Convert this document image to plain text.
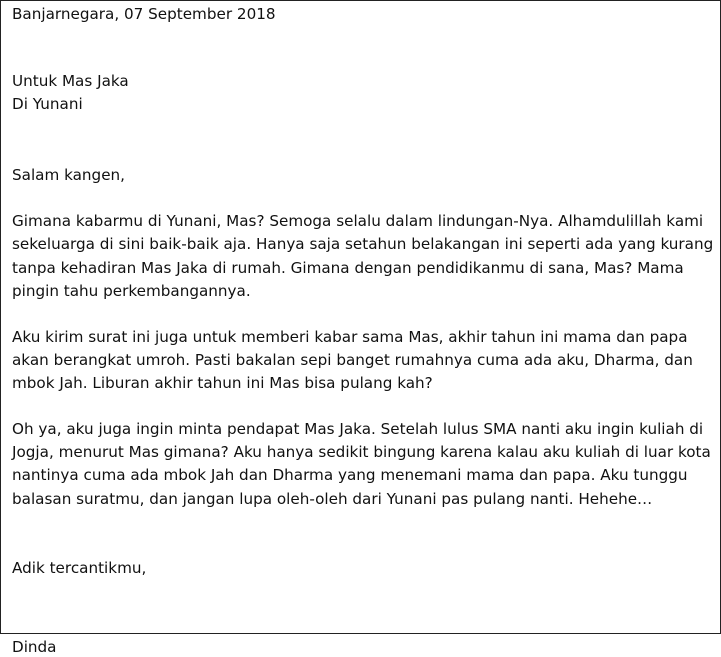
Banjarnegara, 07 September 2018

Untuk Mas Jaka

Di Yunani

Salam kangen,

Gimana kabarmu di Yunani, Mas? Semoga selalu dalam lindungan-Nya. Alhamdulillah kami

sekeluarga di sini baik-baik aja. Hanya saja setahun belakangan ini seperti ada yang kurang

tanpa kehadiran Mas Jaka di rumah. Gimana dengan pendidikanmu di sana, Mas? Mama

pingin tahu perkembangannya.

Aku kirim surat ini juga untuk memberi kabar sama Mas, akhir tahun ini mama dan papa

akan berangkat umroh. Pasti bakalan sepi banget rumahnya cuma ada aku, Dharma, dan

mbok Jah. Liburan akhir tahun ini Mas bisa pulang kah?

Oh ya, aku juga ingin minta pendapat Mas Jaka. Setelah lulus SMA nanti aku ingin kuliah di

Jogja, menurut Mas gimana? Aku hanya sedikit bingung karena kalau aku kuliah di luar kota

nantinya cuma ada mbok Jah dan Dharma yang menemani mama dan papa. Aku tunggu

balasan suratmu, dan jangan lupa oleh-oleh dari Yunani pas pulang nanti. Hehehe…

Adik tercantikmu,

Dinda
